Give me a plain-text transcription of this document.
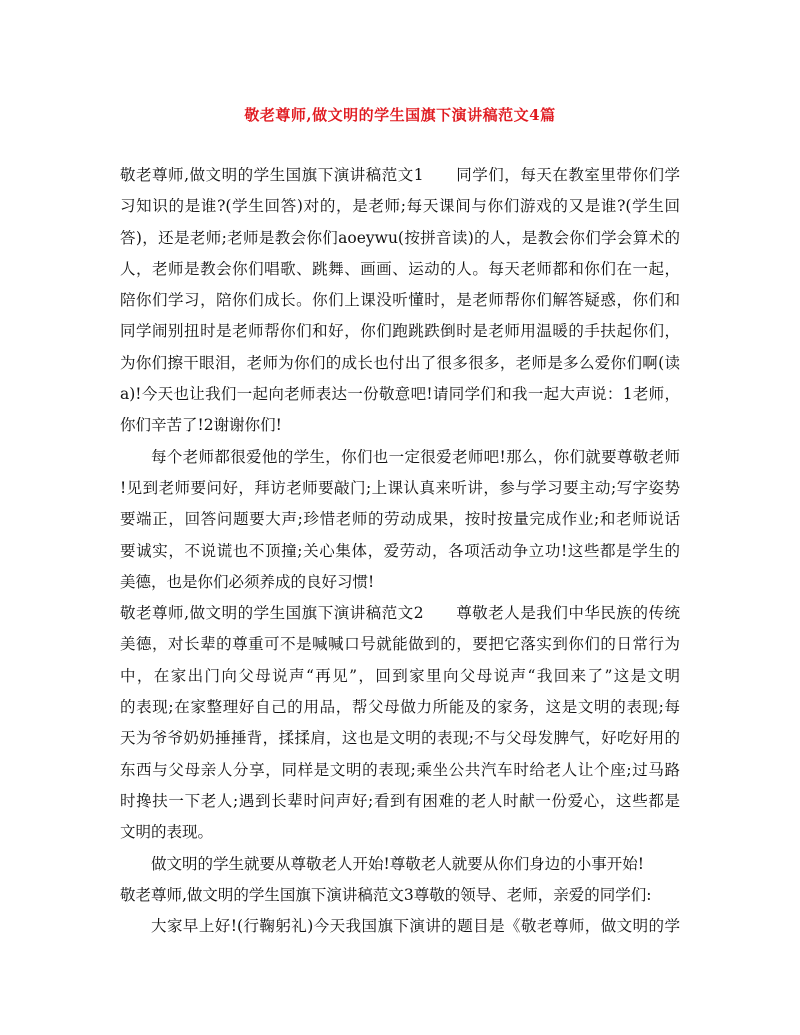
敬老尊师,做文明的学生国旗下演讲稿范文4篇
敬老尊师,做文明的学生国旗下演讲稿范文1　　同学们，每天在教室里带你们学
习知识的是谁?(学生回答)对的，是老师;每天课间与你们游戏的又是谁?(学生回
答)，还是老师;老师是教会你们aoeywu(按拼音读)的人，是教会你们学会算术的
人，老师是教会你们唱歌、跳舞、画画、运动的人。每天老师都和你们在一起，
陪你们学习，陪你们成长。你们上课没听懂时，是老师帮你们解答疑惑，你们和
同学闹别扭时是老师帮你们和好，你们跑跳跌倒时是老师用温暖的手扶起你们，
为你们擦干眼泪，老师为你们的成长也付出了很多很多，老师是多么爱你们啊(读
a)!今天也让我们一起向老师表达一份敬意吧!请同学们和我一起大声说：1老师，
你们辛苦了!2谢谢你们!
每个老师都很爱他的学生，你们也一定很爱老师吧!那么，你们就要尊敬老师
!见到老师要问好，拜访老师要敲门;上课认真来听讲，参与学习要主动;写字姿势
要端正，回答问题要大声;珍惜老师的劳动成果，按时按量完成作业;和老师说话
要诚实，不说谎也不顶撞;关心集体，爱劳动，各项活动争立功!这些都是学生的
美德，也是你们必须养成的良好习惯!
敬老尊师,做文明的学生国旗下演讲稿范文2　　尊敬老人是我们中华民族的传统
美德，对长辈的尊重可不是喊喊口号就能做到的，要把它落实到你们的日常行为
中，在家出门向父母说声“再见”，回到家里向父母说声“我回来了”这是文明
的表现;在家整理好自己的用品，帮父母做力所能及的家务，这是文明的表现;每
天为爷爷奶奶捶捶背，揉揉肩，这也是文明的表现;不与父母发脾气，好吃好用的
东西与父母亲人分享，同样是文明的表现;乘坐公共汽车时给老人让个座;过马路
时搀扶一下老人;遇到长辈时问声好;看到有困难的老人时献一份爱心，这些都是
文明的表现。
做文明的学生就要从尊敬老人开始!尊敬老人就要从你们身边的小事开始!
敬老尊师,做文明的学生国旗下演讲稿范文3尊敬的领导、老师，亲爱的同学们:
大家早上好!(行鞠躬礼)今天我国旗下演讲的题目是《敬老尊师，做文明的学
